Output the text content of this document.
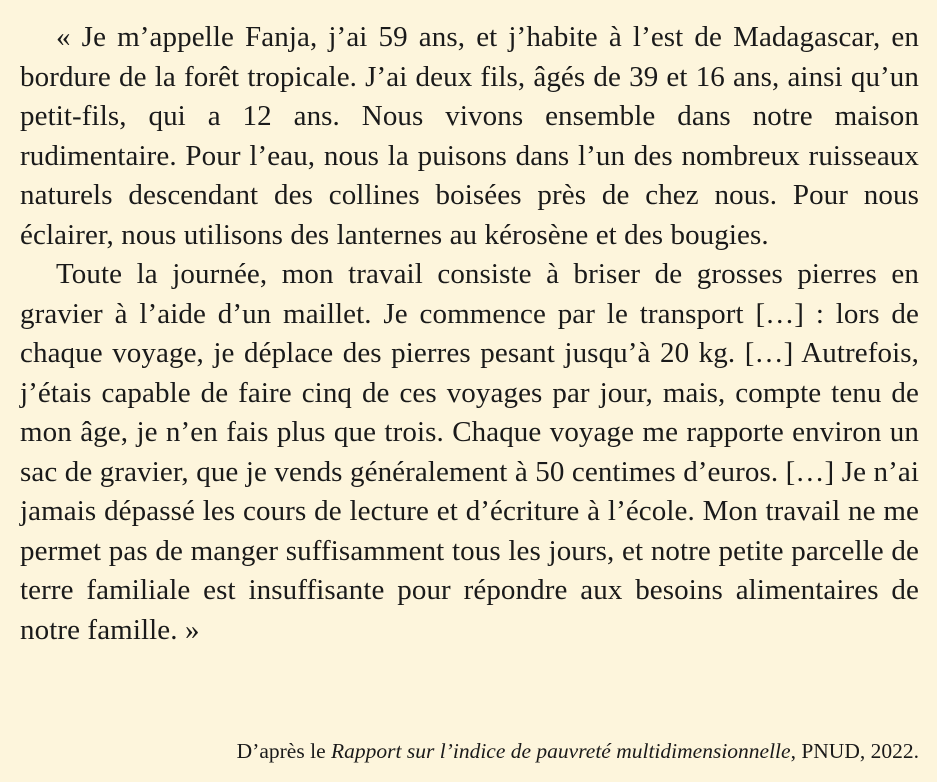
« Je m’appelle Fanja, j’ai 59 ans, et j’habite à l’est de Madagascar, en bordure de la forêt tropicale. J’ai deux fils, âgés de 39 et 16 ans, ainsi qu’un petit-fils, qui a 12 ans. Nous vivons ensemble dans notre maison rudimentaire. Pour l’eau, nous la puisons dans l’un des nombreux ruisseaux naturels descendant des collines boisées près de chez nous. Pour nous éclairer, nous utilisons des lanternes au kérosène et des bougies.

Toute la journée, mon travail consiste à briser de grosses pierres en gravier à l’aide d’un maillet. Je commence par le transport […] : lors de chaque voyage, je déplace des pierres pesant jusqu’à 20 kg. […] Autrefois, j’étais capable de faire cinq de ces voyages par jour, mais, compte tenu de mon âge, je n’en fais plus que trois. Chaque voyage me rapporte environ un sac de gravier, que je vends généralement à 50 centimes d’euros. […] Je n’ai jamais dépassé les cours de lecture et d’écriture à l’école. Mon travail ne me permet pas de manger suffisamment tous les jours, et notre petite parcelle de terre familiale est insuffisante pour répondre aux besoins alimentaires de notre famille. »

D’après le Rapport sur l’indice de pauvreté multidimensionnelle, PNUD, 2022.
